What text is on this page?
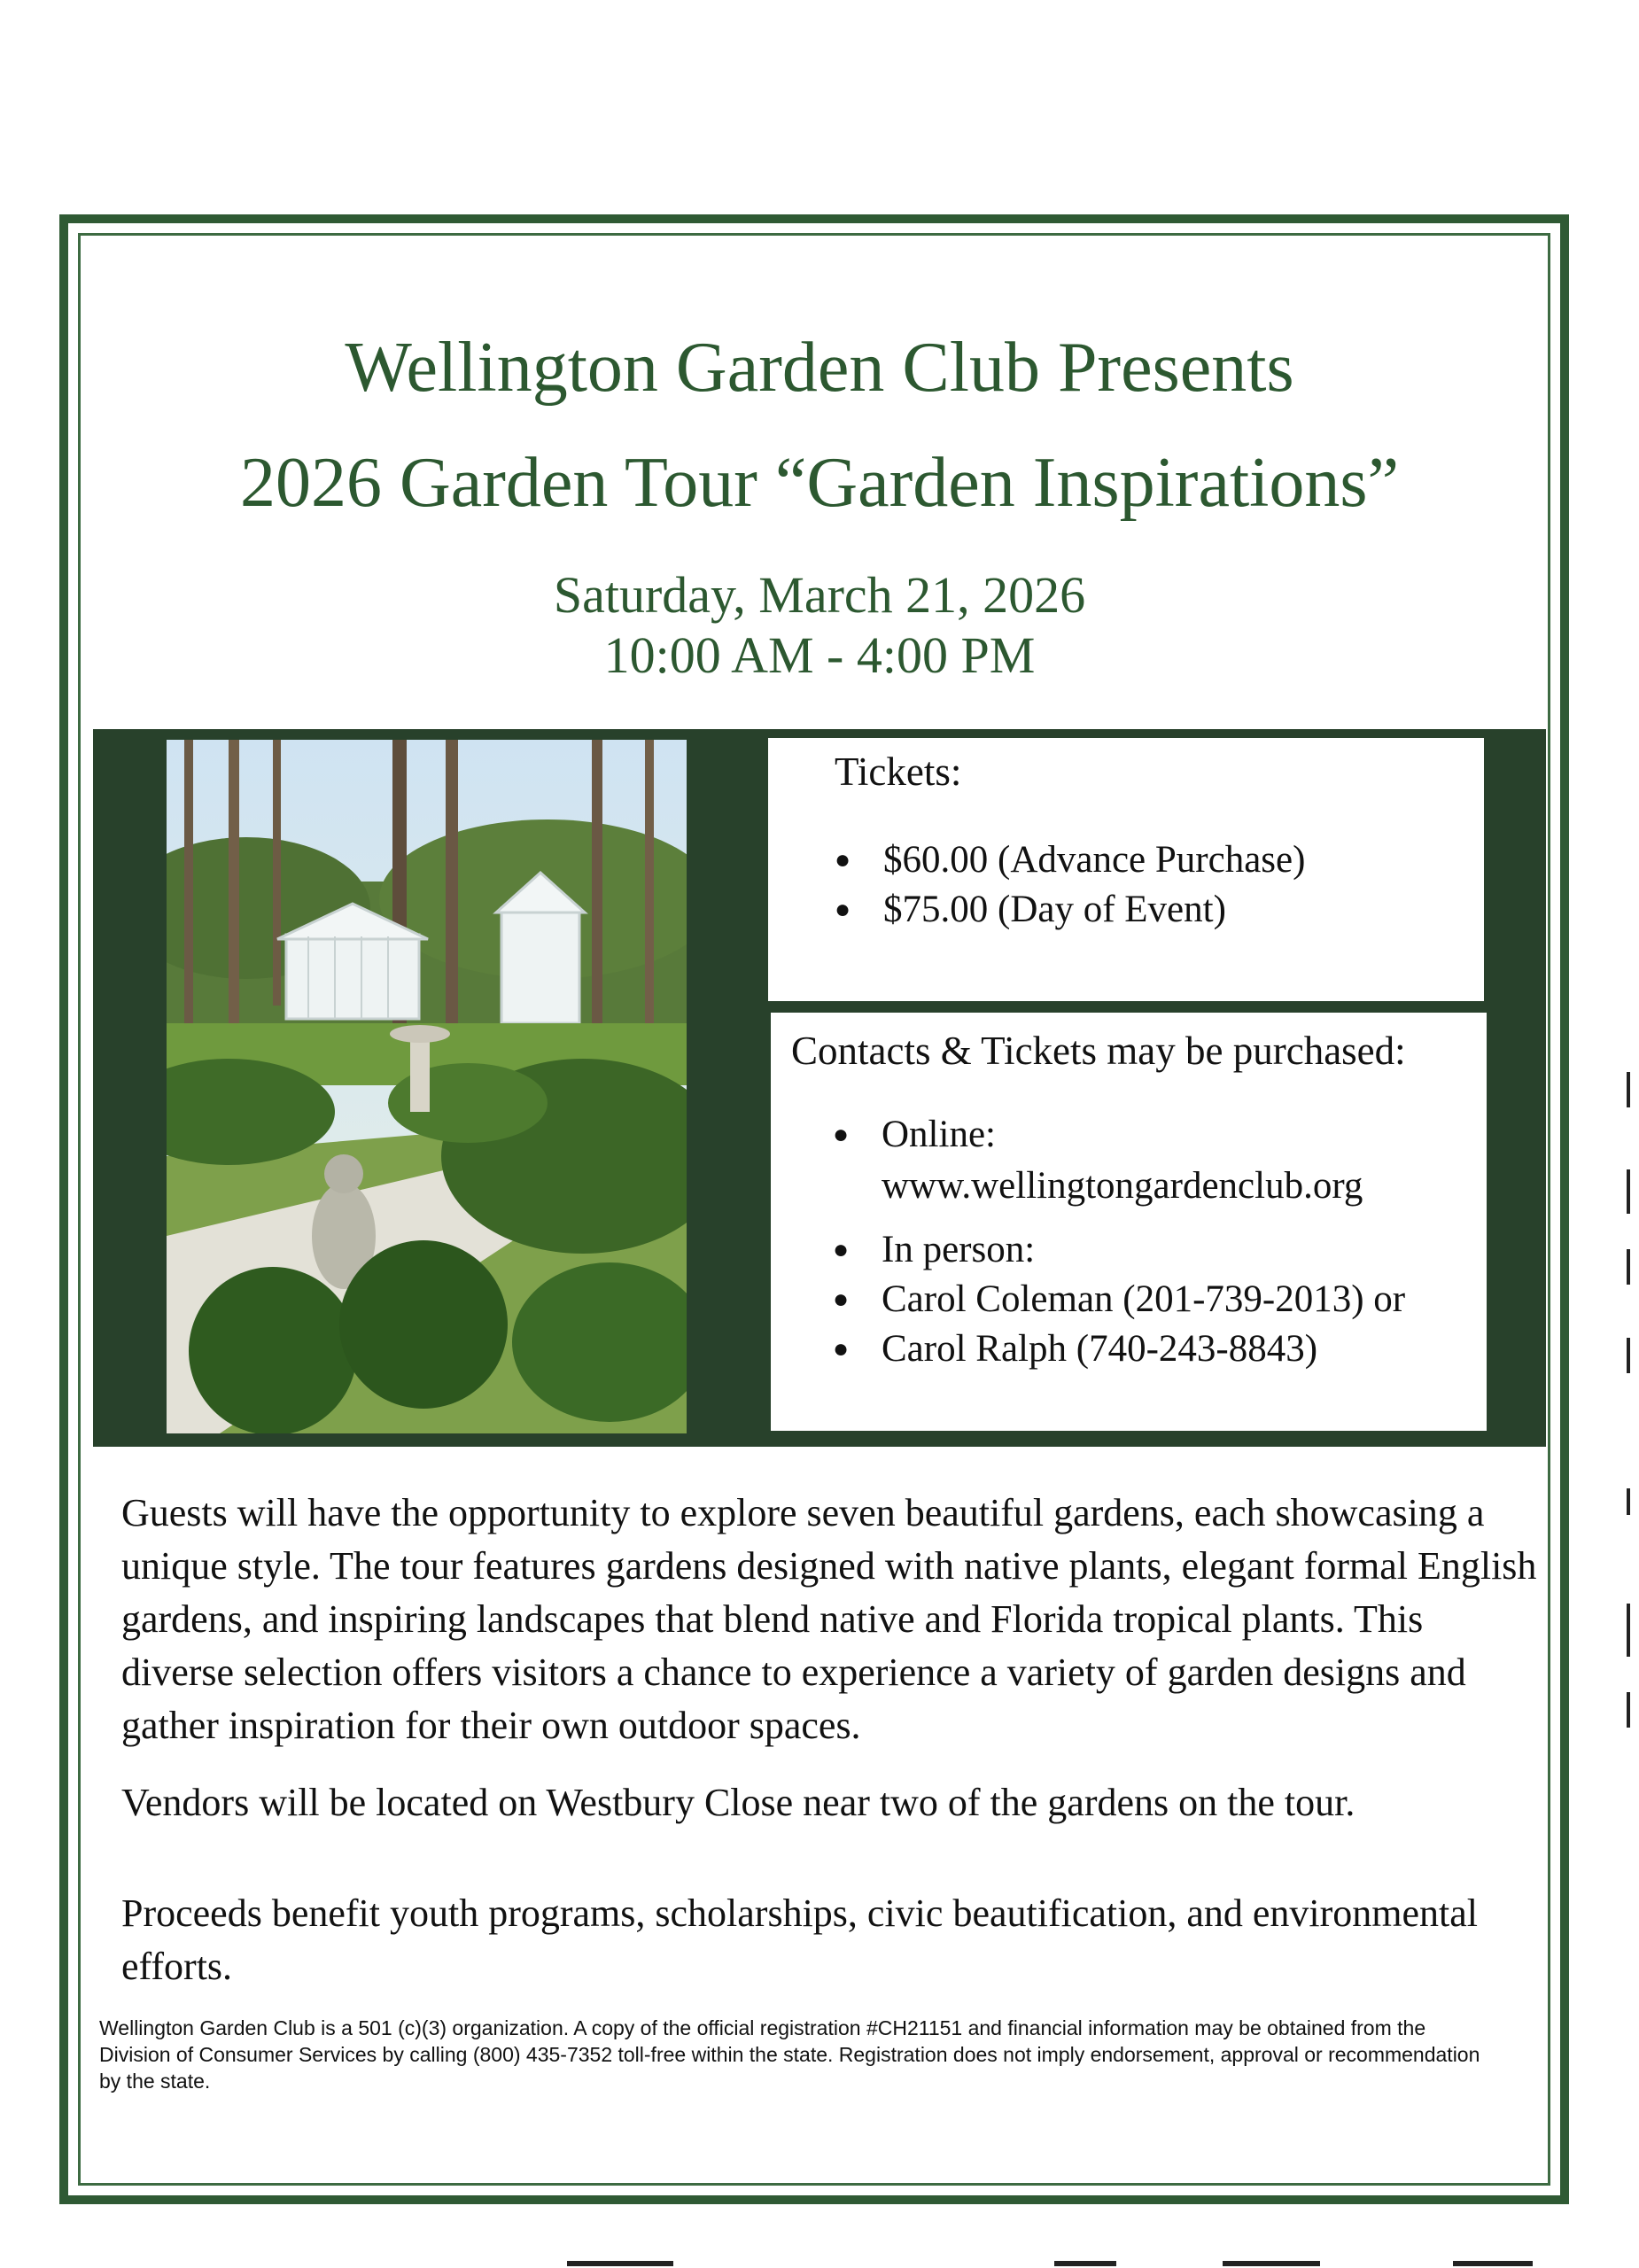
Wellington Garden Club Presents
2026 Garden Tour “Garden Inspirations”
Saturday, March 21, 2026
10:00 AM - 4:00 PM
Tickets:
● $60.00 (Advance Purchase)
● $75.00 (Day of Event)
Contacts & Tickets may be purchased:
● Online:
www.wellingtongardenclub.org
● In person:
● Carol Coleman (201-739-2013) or
● Carol Ralph (740-243-8843)

Guests will have the opportunity to explore seven beautiful gardens, each showcasing a unique style. The tour features gardens designed with native plants, elegant formal English gardens, and inspiring landscapes that blend native and Florida tropical plants. This diverse selection offers visitors a chance to experience a variety of garden designs and gather inspiration for their own outdoor spaces.

Vendors will be located on Westbury Close near two of the gardens on the tour.

Proceeds benefit youth programs, scholarships, civic beautification, and environmental efforts.

Wellington Garden Club is a 501 (c)(3) organization. A copy of the official registration #CH21151 and financial information may be obtained from the Division of Consumer Services by calling (800) 435-7352 toll-free within the state. Registration does not imply endorsement, approval or recommendation by the state.
